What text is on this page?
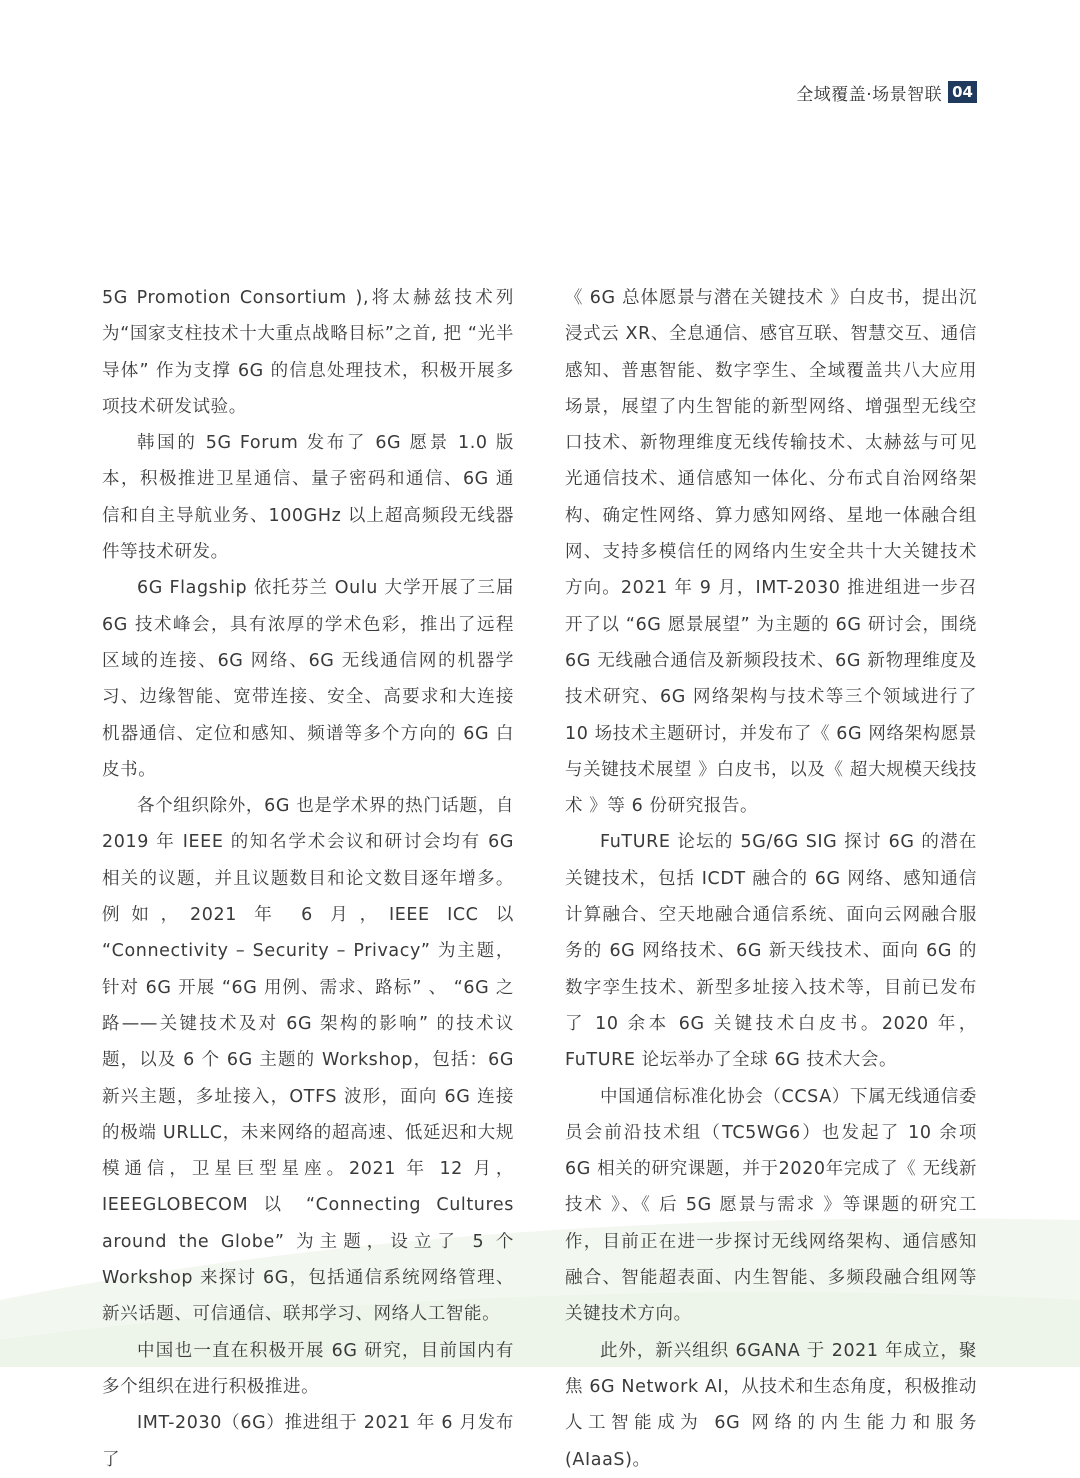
全域覆盖·场景智联 04

5G Promotion Consortium ),将太赫兹技术列为“国家支柱技术十大重点战略目标”之首, 把 “光半导体” 作为支撑 6G 的信息处理技术，积极开展多项技术研发试验。

韩国的 5G Forum 发布了 6G 愿景 1.0 版本，积极推进卫星通信、量子密码和通信、6G 通信和自主导航业务、100GHz 以上超高频段无线器件等技术研发。

6G Flagship 依托芬兰 Oulu 大学开展了三届 6G 技术峰会，具有浓厚的学术色彩，推出了远程区域的连接、6G 网络、6G 无线通信网的机器学习、边缘智能、宽带连接、安全、高要求和大连接机器通信、定位和感知、频谱等多个方向的 6G 白皮书。

各个组织除外，6G 也是学术界的热门话题，自 2019 年 IEEE 的知名学术会议和研讨会均有 6G 相关的议题，并且议题数目和论文数目逐年增多。例如，2021 年 6 月，IEEE ICC 以 “Connectivity – Security – Privacy” 为主题，针对 6G 开展 “6G 用例、需求、路标” 、 “6G 之路——关键技术及对 6G 架构的影响” 的技术议题，以及 6 个 6G 主题的 Workshop，包括：6G 新兴主题，多址接入，OTFS 波形，面向 6G 连接的极端 URLLC，未来网络的超高速、低延迟和大规模通信，卫星巨型星座。2021 年 12 月，IEEEGLOBECOM 以 “Connecting Cultures around the Globe” 为主题，设立了 5 个 Workshop 来探讨 6G，包括通信系统网络管理、新兴话题、可信通信、联邦学习、网络人工智能。

中国也一直在积极开展 6G 研究，目前国内有多个组织在进行积极推进。

IMT-2030（6G）推进组于 2021 年 6 月发布了

《 6G 总体愿景与潜在关键技术 》白皮书，提出沉浸式云 XR、全息通信、感官互联、智慧交互、通信感知、普惠智能、数字孪生、全域覆盖共八大应用场景，展望了内生智能的新型网络、增强型无线空口技术、新物理维度无线传输技术、太赫兹与可见光通信技术、通信感知一体化、分布式自治网络架构、确定性网络、算力感知网络、星地一体融合组网、支持多模信任的网络内生安全共十大关键技术方向。2021 年 9 月，IMT-2030 推进组进一步召开了以 “6G 愿景展望” 为主题的 6G 研讨会，围绕 6G 无线融合通信及新频段技术、6G 新物理维度及技术研究、6G 网络架构与技术等三个领域进行了 10 场技术主题研讨，并发布了《 6G 网络架构愿景与关键技术展望 》白皮书，以及《 超大规模天线技术 》等 6 份研究报告。

FuTURE 论坛的 5G/6G SIG 探讨 6G 的潜在关键技术，包括 ICDT 融合的 6G 网络、感知通信计算融合、空天地融合通信系统、面向云网融合服务的 6G 网络技术、6G 新天线技术、面向 6G 的数字孪生技术、新型多址接入技术等，目前已发布了 10 余本 6G 关键技术白皮书。2020 年，FuTURE 论坛举办了全球 6G 技术大会。

中国通信标准化协会（CCSA）下属无线通信委员会前沿技术组（TC5WG6）也发起了 10 余项 6G 相关的研究课题，并于2020年完成了《 无线新技术 》、《 后 5G 愿景与需求 》等课题的研究工作，目前正在进一步探讨无线网络架构、通信感知融合、智能超表面、内生智能、多频段融合组网等关键技术方向。

此外，新兴组织 6GANA 于 2021 年成立，聚焦 6G Network AI，从技术和生态角度，积极推动人工智能成为 6G 网络的内生能力和服务 (AIaaS)。
